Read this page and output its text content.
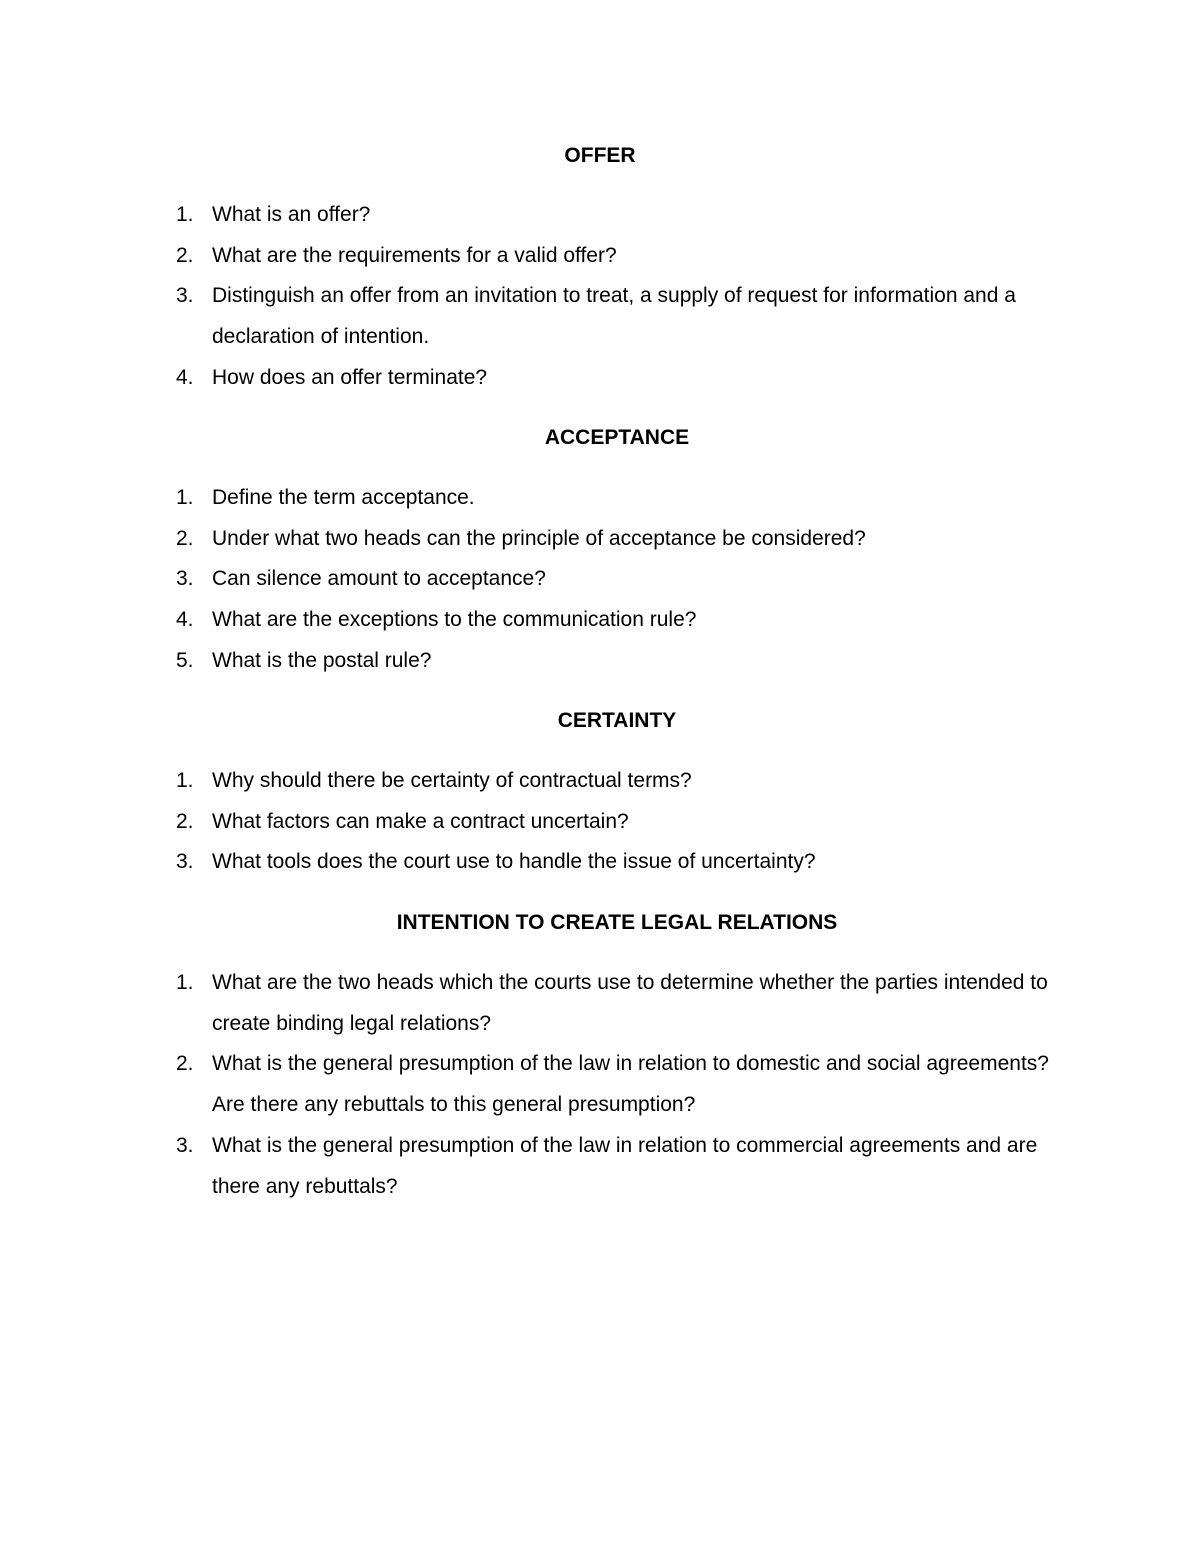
OFFER
1. What is an offer?
2. What are the requirements for a valid offer?
3. Distinguish an offer from an invitation to treat, a supply of request for information and a declaration of intention.
4. How does an offer terminate?
ACCEPTANCE
1. Define the term acceptance.
2. Under what two heads can the principle of acceptance be considered?
3. Can silence amount to acceptance?
4. What are the exceptions to the communication rule?
5. What is the postal rule?
CERTAINTY
1. Why should there be certainty of contractual terms?
2. What factors can make a contract uncertain?
3. What tools does the court use to handle the issue of uncertainty?
INTENTION TO CREATE LEGAL RELATIONS
1. What are the two heads which the courts use to determine whether the parties intended to create binding legal relations?
2. What is the general presumption of the law in relation to domestic and social agreements? Are there any rebuttals to this general presumption?
3. What is the general presumption of the law in relation to commercial agreements and are there any rebuttals?
